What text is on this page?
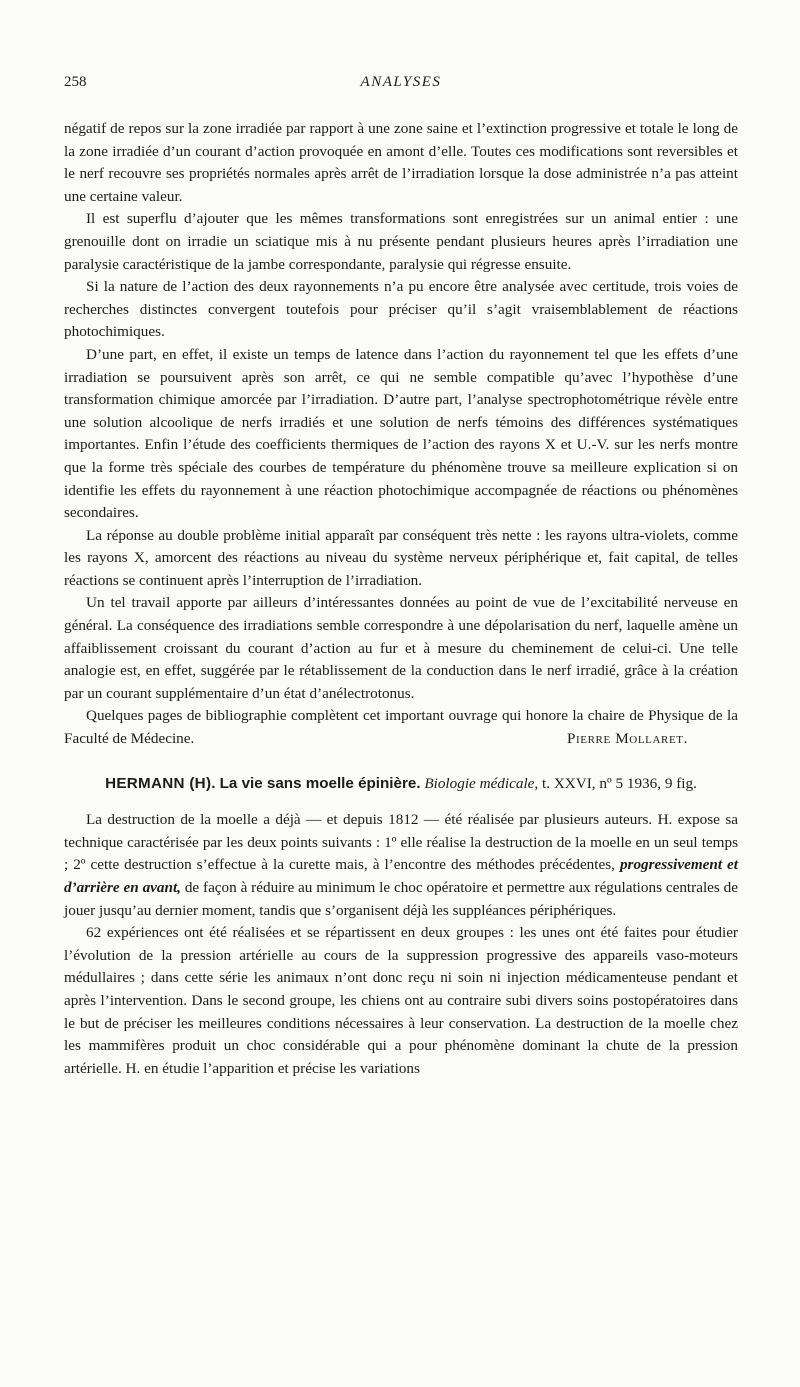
258	ANALYSES

négatif de repos sur la zone irradiée par rapport à une zone saine et l’extinction progressive et totale le long de la zone irradiée d’un courant d’action provoquée en amont d’elle. Toutes ces modifications sont reversibles et le nerf recouvre ses propriétés normales après arrêt de l’irradiation lorsque la dose administrée n’a pas atteint une certaine valeur.

Il est superflu d’ajouter que les mêmes transformations sont enregistrées sur un animal entier : une grenouille dont on irradie un sciatique mis à nu présente pendant plusieurs heures après l’irradiation une paralysie caractéristique de la jambe correspondante, paralysie qui régresse ensuite.

Si la nature de l’action des deux rayonnements n’a pu encore être analysée avec certitude, trois voies de recherches distinctes convergent toutefois pour préciser qu’il s’agit vraisemblablement de réactions photochimiques.

D’une part, en effet, il existe un temps de latence dans l’action du rayonnement tel que les effets d’une irradiation se poursuivent après son arrêt, ce qui ne semble compatible qu’avec l’hypothèse d’une transformation chimique amorcée par l’irradiation. D’autre part, l’analyse spectrophotométrique révèle entre une solution alcoolique de nerfs irradiés et une solution de nerfs témoins des différences systématiques importantes. Enfin l’étude des coefficients thermiques de l’action des rayons X et U.-V. sur les nerfs montre que la forme très spéciale des courbes de température du phénomène trouve sa meilleure explication si on identifie les effets du rayonnement à une réaction photochimique accompagnée de réactions ou phénomènes secondaires.

La réponse au double problème initial apparaît par conséquent très nette : les rayons ultra-violets, comme les rayons X, amorcent des réactions au niveau du système nerveux périphérique et, fait capital, de telles réactions se continuent après l’interruption de l’irradiation.

Un tel travail apporte par ailleurs d’intéressantes données au point de vue de l’excitabilité nerveuse en général. La conséquence des irradiations semble correspondre à une dépolarisation du nerf, laquelle amène un affaiblissement croissant du courant d’action au fur et à mesure du cheminement de celui-ci. Une telle analogie est, en effet, suggérée par le rétablissement de la conduction dans le nerf irradié, grâce à la création par un courant supplémentaire d’un état d’anélectrotonus.

Quelques pages de bibliographie complètent cet important ouvrage qui honore la chaire de Physique de la Faculté de Médecine.	Pierre Mollaret.

HERMANN (H). La vie sans moelle épinière. Biologie médicale, t. XXVI, nº 5 1936, 9 fig.

La destruction de la moelle a déjà — et depuis 1812 — été réalisée par plusieurs auteurs. H. expose sa technique caractérisée par les deux points suivants : 1º elle réalise la destruction de la moelle en un seul temps ; 2º cette destruction s’effectue à la curette mais, à l’encontre des méthodes précédentes, progressivement et d’arrière en avant, de façon à réduire au minimum le choc opératoire et permettre aux régulations centrales de jouer jusqu’au dernier moment, tandis que s’organisent déjà les suppléances périphériques.

62 expériences ont été réalisées et se répartissent en deux groupes : les unes ont été faites pour étudier l’évolution de la pression artérielle au cours de la suppression progressive des appareils vaso-moteurs médullaires ; dans cette série les animaux n’ont donc reçu ni soin ni injection médicamenteuse pendant et après l’intervention. Dans le second groupe, les chiens ont au contraire subi divers soins postopératoires dans le but de préciser les meilleures conditions nécessaires à leur conservation. La destruction de la moelle chez les mammifères produit un choc considérable qui a pour phénomène dominant la chute de la pression artérielle. H. en étudie l’apparition et précise les variations
